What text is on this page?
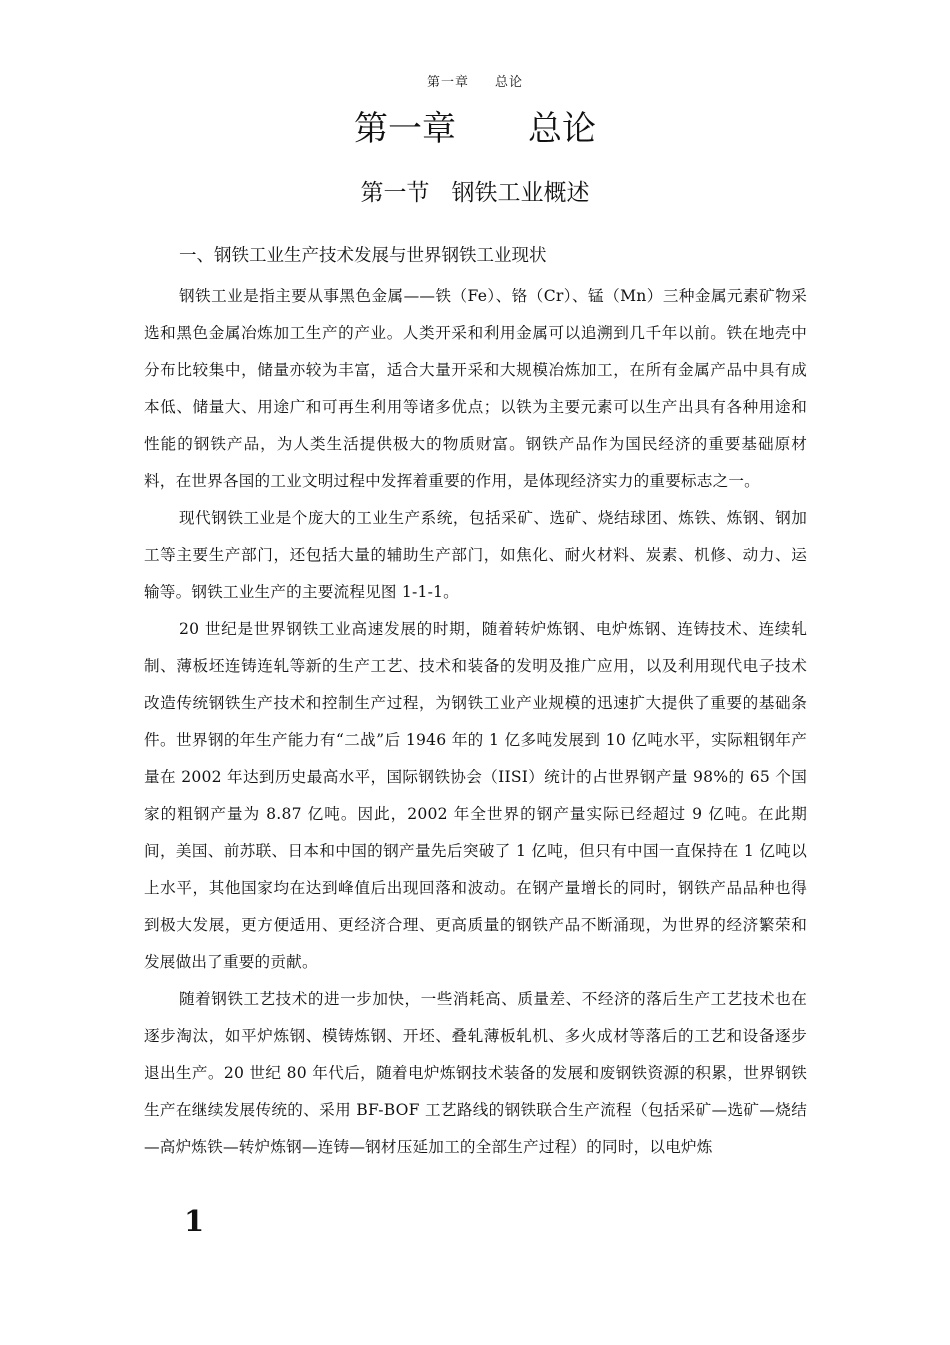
第一章 总论
第一章 总论
第一节 钢铁工业概述
一、钢铁工业生产技术发展与世界钢铁工业现状

钢铁工业是指主要从事黑色金属——铁（Fe）、铬（Cr）、锰（Mn）三种金属元素矿物采选和黑色金属冶炼加工生产的产业。人类开采和利用金属可以追溯到几千年以前。铁在地壳中分布比较集中，储量亦较为丰富，适合大量开采和大规模冶炼加工，在所有金属产品中具有成本低、储量大、用途广和可再生利用等诸多优点；以铁为主要元素可以生产出具有各种用途和性能的钢铁产品，为人类生活提供极大的物质财富。钢铁产品作为国民经济的重要基础原材料，在世界各国的工业文明过程中发挥着重要的作用，是体现经济实力的重要标志之一。

现代钢铁工业是个庞大的工业生产系统，包括采矿、选矿、烧结球团、炼铁、炼钢、钢加工等主要生产部门，还包括大量的辅助生产部门，如焦化、耐火材料、炭素、机修、动力、运输等。钢铁工业生产的主要流程见图 1-1-1。

20 世纪是世界钢铁工业高速发展的时期，随着转炉炼钢、电炉炼钢、连铸技术、连续轧制、薄板坯连铸连轧等新的生产工艺、技术和装备的发明及推广应用，以及利用现代电子技术改造传统钢铁生产技术和控制生产过程，为钢铁工业产业规模的迅速扩大提供了重要的基础条件。世界钢的年生产能力有“二战”后 1946 年的 1 亿多吨发展到 10 亿吨水平，实际粗钢年产量在 2002 年达到历史最高水平，国际钢铁协会（IISI）统计的占世界钢产量 98%的 65 个国家的粗钢产量为 8.87 亿吨。因此，2002 年全世界的钢产量实际已经超过 9 亿吨。在此期间，美国、前苏联、日本和中国的钢产量先后突破了 1 亿吨，但只有中国一直保持在 1 亿吨以上水平，其他国家均在达到峰值后出现回落和波动。在钢产量增长的同时，钢铁产品品种也得到极大发展，更方便适用、更经济合理、更高质量的钢铁产品不断涌现，为世界的经济繁荣和发展做出了重要的贡献。

随着钢铁工艺技术的进一步加快，一些消耗高、质量差、不经济的落后生产工艺技术也在逐步淘汰，如平炉炼钢、模铸炼钢、开坯、叠轧薄板轧机、多火成材等落后的工艺和设备逐步退出生产。20 世纪 80 年代后，随着电炉炼钢技术装备的发展和废钢铁资源的积累，世界钢铁生产在继续发展传统的、采用 BF-BOF 工艺路线的钢铁联合生产流程（包括采矿—选矿—烧结—高炉炼铁—转炉炼钢—连铸—钢材压延加工的全部生产过程）的同时，以电炉炼

1
1
